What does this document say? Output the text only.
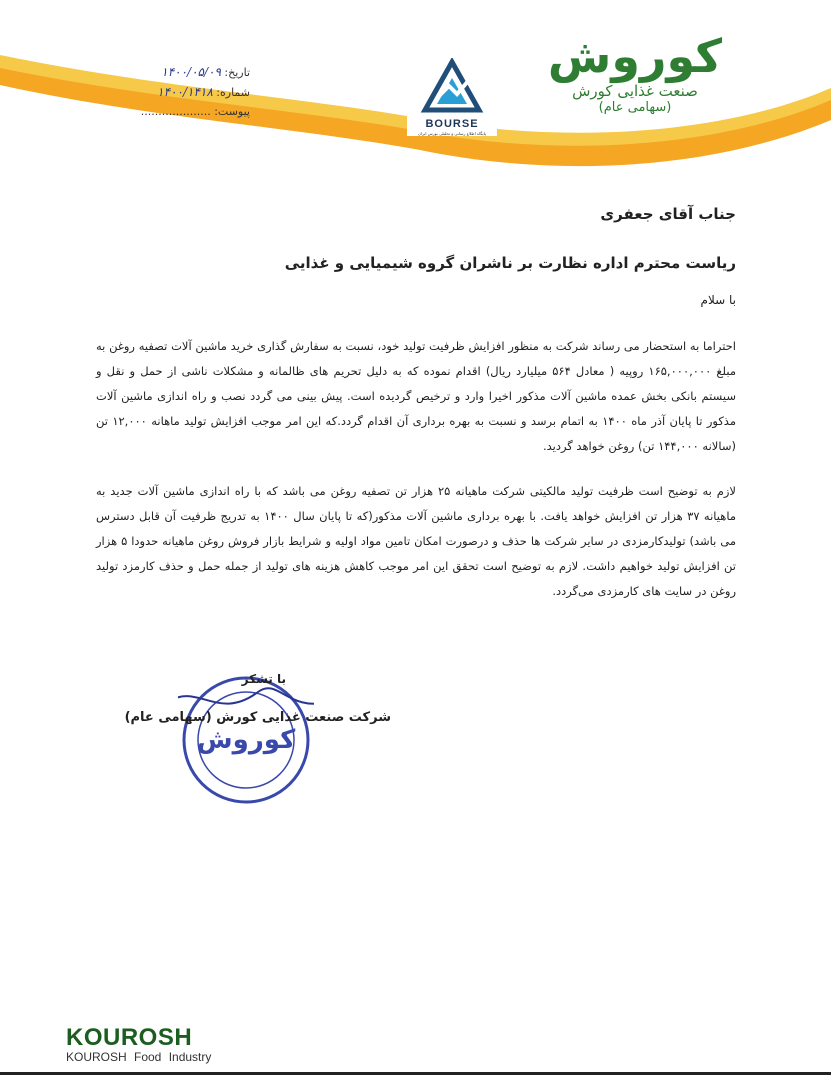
تاریخ: ۱۴۰۰/۰۵/۰۹
شماره: ۱۴۰۰/۱۴۱۸
پیوست: ....................
BOURSE
پایگاه اطلاع رسانی و تحلیلی بورس ایران
کوروش
صنعت غذایی کورش
(سهامی عام)
جناب آقای جعفری
ریاست محترم اداره نظارت بر ناشران گروه شیمیایی و غذایی
با سلام
احتراما به استحضار می رساند شرکت به منظور افزایش ظرفیت تولید خود، نسبت به سفارش گذاری خرید ماشین آلات تصفیه روغن به مبلغ ۱۶۵,۰۰۰,۰۰۰ روپیه ( معادل ۵۶۴ میلیارد ریال) اقدام نموده که به دلیل تحریم های ظالمانه و مشکلات ناشی از حمل و نقل و سیستم بانکی بخش عمده ماشین آلات مذکور اخیرا وارد و ترخیص گردیده است. پیش بینی می گردد نصب و راه اندازی ماشین آلات مذکور تا پایان آذر ماه ۱۴۰۰ به اتمام برسد و نسبت به بهره برداری آن اقدام گردد.که این امر موجب افزایش تولید ماهانه ۱۲,۰۰۰ تن (سالانه ۱۴۴,۰۰۰ تن) روغن خواهد گردید.
لازم به توضیح است ظرفیت تولید مالکیتی شرکت ماهیانه ۲۵ هزار تن تصفیه روغن می باشد که با راه اندازی ماشین آلات جدید به ماهیانه ۳۷ هزار تن افزایش خواهد یافت. با بهره برداری ماشین آلات مذکور(که تا پایان سال ۱۴۰۰ به تدریج ظرفیت آن قابل دسترس می باشد) تولیدکارمزدی در سایر شرکت ها حذف و درصورت امکان تامین مواد اولیه و شرایط بازار فروش روغن ماهیانه حدودا ۵ هزار تن افزایش تولید خواهیم داشت. لازم به توضیح است تحقق این امر موجب کاهش هزینه های تولید از جمله حمل و حذف کارمزد تولید روغن در سایت های کارمزدی می‌گردد.
کوروش
با تشکر
شرکت صنعت غذایی کورش (سهامی عام)
KOUROSH
KOUROSH Food Industry
